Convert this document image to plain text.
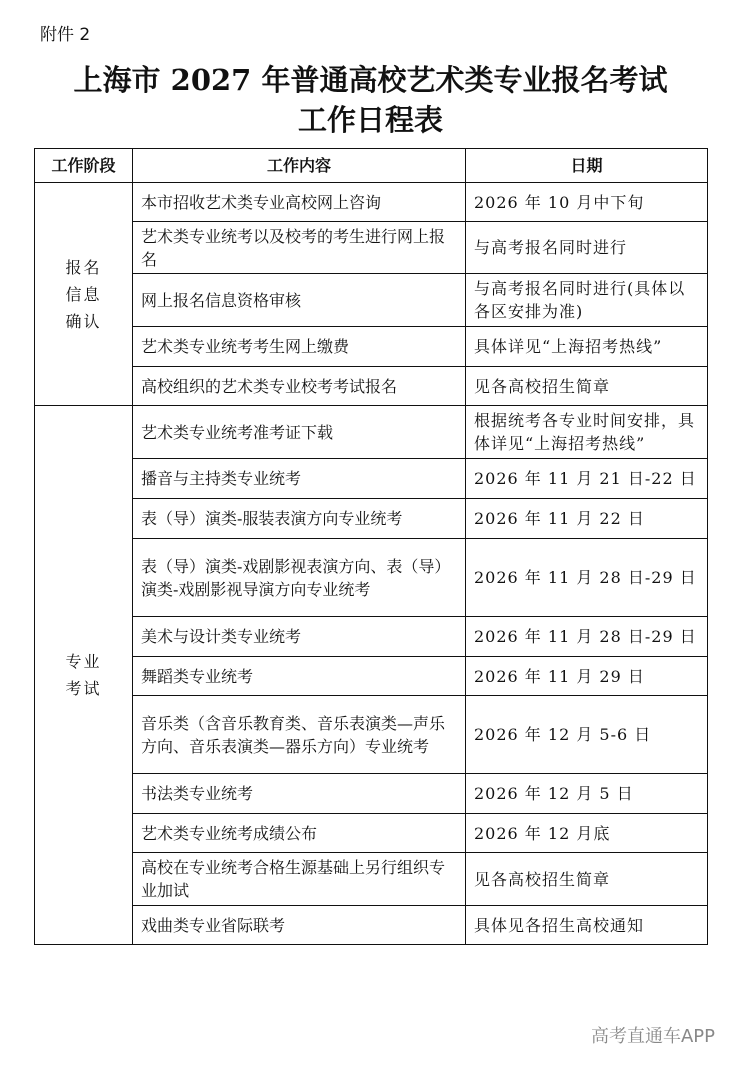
附件 2
上海市 2027 年普通高校艺术类专业报名考试
工作日程表
工作阶段	工作内容	日期
报名信息确认	本市招收艺术类专业高校网上咨询	2026 年 10 月中下旬
	艺术类专业统考以及校考的考生进行网上报名	与高考报名同时进行
	网上报名信息资格审核	与高考报名同时进行(具体以各区安排为准)
	艺术类专业统考考生网上缴费	具体详见“上海招考热线”
	高校组织的艺术类专业校考考试报名	见各高校招生简章
专业考试	艺术类专业统考准考证下载	根据统考各专业时间安排，具体详见“上海招考热线”
	播音与主持类专业统考	2026 年 11 月 21 日-22 日
	表（导）演类-服装表演方向专业统考	2026 年 11 月 22 日
	表（导）演类-戏剧影视表演方向、表（导）演类-戏剧影视导演方向专业统考	2026 年 11 月 28 日-29 日
	美术与设计类专业统考	2026 年 11 月 28 日-29 日
	舞蹈类专业统考	2026 年 11 月 29 日
	音乐类（含音乐教育类、音乐表演类—声乐方向、音乐表演类—器乐方向）专业统考	2026 年 12 月 5-6 日
	书法类专业统考	2026 年 12 月 5 日
	艺术类专业统考成绩公布	2026 年 12 月底
	高校在专业统考合格生源基础上另行组织专业加试	见各高校招生简章
	戏曲类专业省际联考	具体见各招生高校通知
高考直通车APP
